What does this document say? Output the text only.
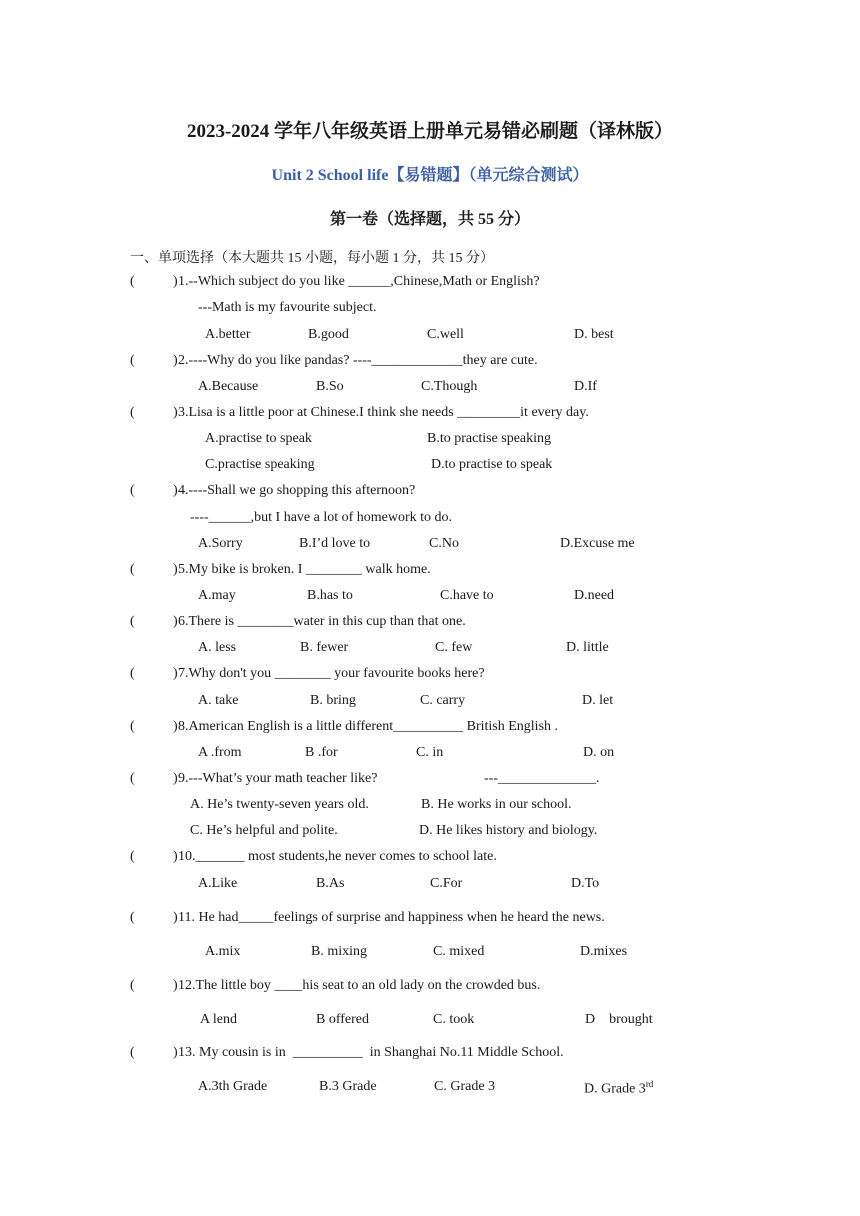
2023-2024 学年八年级英语上册单元易错必刷题（译林版）
Unit 2 School life【易错题】（单元综合测试）
第一卷（选择题，共 55 分）
一、单项选择（本大题共 15 小题，每小题 1 分，共 15 分）
(	) 1.--Which subject do you like ______,Chinese,Math or English?
---Math is my favourite subject.
A.better	B.good	C.well	D. best
(	) 2.----Why do you like pandas? ----_____________they are cute.
A.Because	B.So	C.Though	D.If
(	) 3.Lisa is a little poor at Chinese.I think she needs _________it every day.
A.practise to speak	B.to practise speaking
C.practise speaking	D.to practise to speak
(	) 4.----Shall we go shopping this afternoon?
----______,but I have a lot of homework to do.
A.Sorry	B.I’d love to	C.No	D.Excuse me
(	) 5.My bike is broken. I ________ walk home.
A.may	B.has to	C.have to	D.need
(	) 6.There is ________water in this cup than that one.
A. less	B. fewer	C. few	D. little
(	) 7.Why don't you ________ your favourite books here?
A. take	B. bring	C. carry	D. let
(	) 8.American English is a little different__________ British English .
A .from	B .for	C. in	D. on
(	) 9.---What’s your math teacher like?	---______________.
A. He’s twenty-seven years old.	B. He works in our school.
C. He’s helpful and polite.	D. He likes history and biology.
(	) 10._______ most students,he never comes to school late.
A.Like	B.As	C.For	D.To
(	) 11. He had_____feelings of surprise and happiness when he heard the news.
A.mix	B. mixing	C. mixed	D.mixes
(	) 12.The little boy ____his seat to an old lady on the crowded bus.
A lend	B offered	C. took	D    brought
(	) 13. My cousin is in  __________  in Shanghai No.11 Middle School.
A.3th Grade	B.3 Grade	C. Grade 3	D. Grade 3rd
